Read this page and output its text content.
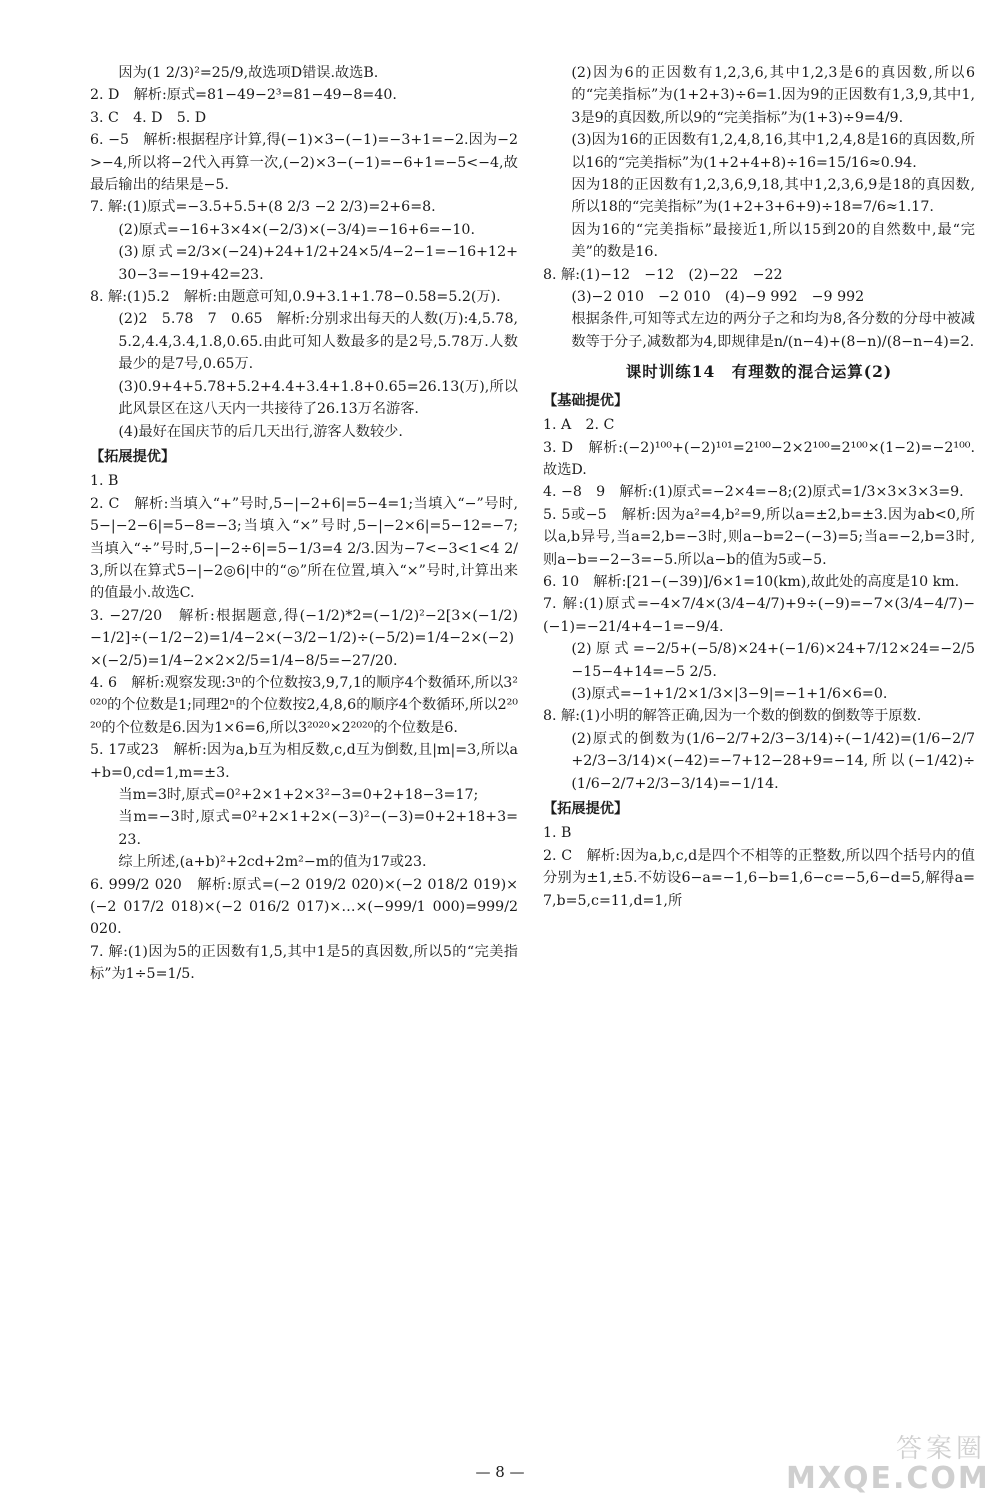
因为(1 2/3)²=25/9,故选项D错误.故选B.

2. D　解析:原式=81−49−2³=81−49−8=40.

3. C　4. D　5. D

6. −5　解析:根据程序计算,得(−1)×3−(−1)=−3+1=−2.因为−2>−4,所以将−2代入再算一次,(−2)×3−(−1)=−6+1=−5<−4,故最后输出的结果是−5.

7. 解:(1)原式=−3.5+5.5+(8 2/3 −2 2/3)=2+6=8.

(2)原式=−16+3×4×(−2/3)×(−3/4)=−16+6=−10.

(3)原式=2/3×(−24)+24+1/2+24×5/4−2−1=−16+12+30−3=−19+42=23.

8. 解:(1)5.2　解析:由题意可知,0.9+3.1+1.78−0.58=5.2(万).

(2)2　5.78　7　0.65　解析:分别求出每天的人数(万):4,5.78,5.2,4.4,3.4,1.8,0.65.由此可知人数最多的是2号,5.78万.人数最少的是7号,0.65万.

(3)0.9+4+5.78+5.2+4.4+3.4+1.8+0.65=26.13(万),所以此风景区在这八天内一共接待了26.13万名游客.

(4)最好在国庆节的后几天出行,游客人数较少.

【拓展提优】

1. B

2. C　解析:当填入“+”号时,5−|−2+6|=5−4=1;当填入“−”号时,5−|−2−6|=5−8=−3;当填入“×”号时,5−|−2×6|=5−12=−7;当填入“÷”号时,5−|−2÷6|=5−1/3=4 2/3.因为−7<−3<1<4 2/3,所以在算式5−|−2◎6|中的“◎”所在位置,填入“×”号时,计算出来的值最小.故选C.

3. −27/20　解析:根据题意,得(−1/2)*2=(−1/2)²−2[3×(−1/2)−1/2]÷(−1/2−2)=1/4−2×(−3/2−1/2)÷(−5/2)=1/4−2×(−2)×(−2/5)=1/4−2×2×2/5=1/4−8/5=−27/20.

4. 6　解析:观察发现:3ⁿ的个位数按3,9,7,1的顺序4个数循环,所以3²⁰²⁰的个位数是1;同理2ⁿ的个位数按2,4,8,6的顺序4个数循环,所以2²⁰²⁰的个位数是6.因为1×6=6,所以3²⁰²⁰×2²⁰²⁰的个位数是6.

5. 17或23　解析:因为a,b互为相反数,c,d互为倒数,且|m|=3,所以a+b=0,cd=1,m=±3.

当m=3时,原式=0²+2×1+2×3²−3=0+2+18−3=17;

当m=−3时,原式=0²+2×1+2×(−3)²−(−3)=0+2+18+3=23.

综上所述,(a+b)²+2cd+2m²−m的值为17或23.

6. 999/2 020　解析:原式=(−2 019/2 020)×(−2 018/2 019)×(−2 017/2 018)×(−2 016/2 017)×…×(−999/1 000)=999/2 020.

7. 解:(1)因为5的正因数有1,5,其中1是5的真因数,所以5的“完美指标”为1÷5=1/5.

(2)因为6的正因数有1,2,3,6,其中1,2,3是6的真因数,所以6的“完美指标”为(1+2+3)÷6=1.因为9的正因数有1,3,9,其中1,3是9的真因数,所以9的“完美指标”为(1+3)÷9=4/9.

(3)因为16的正因数有1,2,4,8,16,其中1,2,4,8是16的真因数,所以16的“完美指标”为(1+2+4+8)÷16=15/16≈0.94.

因为18的正因数有1,2,3,6,9,18,其中1,2,3,6,9是18的真因数,所以18的“完美指标”为(1+2+3+6+9)÷18=7/6≈1.17.

因为16的“完美指标”最接近1,所以15到20的自然数中,最“完美”的数是16.

8. 解:(1)−12　−12　(2)−22　−22

(3)−2 010　−2 010　(4)−9 992　−9 992

根据条件,可知等式左边的两分子之和均为8,各分数的分母中被减数等于分子,减数都为4,即规律是n/(n−4)+(8−n)/(8−n−4)=2.

课时训练14　有理数的混合运算(2)

【基础提优】

1. A　2. C

3. D　解析:(−2)¹⁰⁰+(−2)¹⁰¹=2¹⁰⁰−2×2¹⁰⁰=2¹⁰⁰×(1−2)=−2¹⁰⁰.故选D.

4. −8　9　解析:(1)原式=−2×4=−8;(2)原式=1/3×3×3×3=9.

5. 5或−5　解析:因为a²=4,b²=9,所以a=±2,b=±3.因为ab<0,所以a,b异号,当a=2,b=−3时,则a−b=2−(−3)=5;当a=−2,b=3时,则a−b=−2−3=−5.所以a−b的值为5或−5.

6. 10　解析:[21−(−39)]/6×1=10(km),故此处的高度是10 km.

7. 解:(1)原式=−4×7/4×(3/4−4/7)+9÷(−9)=−7×(3/4−4/7)−(−1)=−21/4+4−1=−9/4.

(2)原式=−2/5+(−5/8)×24+(−1/6)×24+7/12×24=−2/5−15−4+14=−5 2/5.

(3)原式=−1+1/2×1/3×|3−9|=−1+1/6×6=0.

8. 解:(1)小明的解答正确,因为一个数的倒数的倒数等于原数.

(2)原式的倒数为(1/6−2/7+2/3−3/14)÷(−1/42)=(1/6−2/7+2/3−3/14)×(−42)=−7+12−28+9=−14,所以(−1/42)÷(1/6−2/7+2/3−3/14)=−1/14.

【拓展提优】

1. B

2. C　解析:因为a,b,c,d是四个不相等的正整数,所以四个括号内的值分别为±1,±5.不妨设6−a=−1,6−b=1,6−c=−5,6−d=5,解得a=7,b=5,c=11,d=1,所

— 8 —
答案圈
MXQE.COM
